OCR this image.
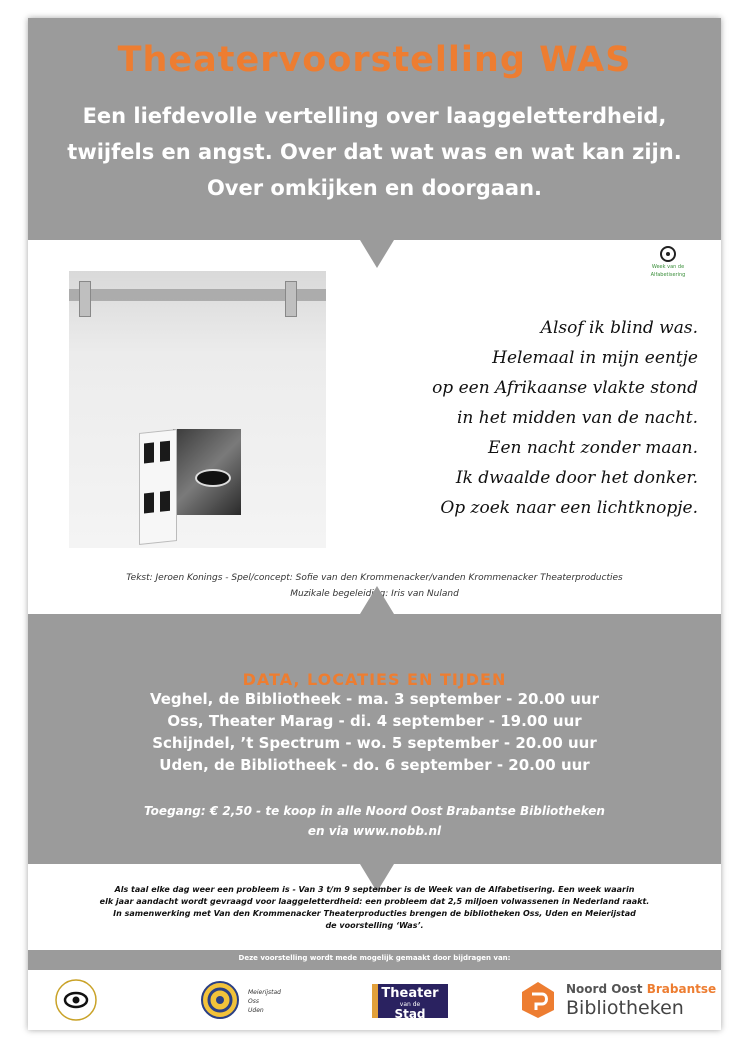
Theatervoorstelling WAS
Een liefdevolle vertelling over laaggeletterdheid,
twijfels en angst. Over dat wat was en wat kan zijn.
Over omkijken en doorgaan.
Week van de
Alfabetisering
Alsof ik blind was.
Helemaal in mijn eentje
op een Afrikaanse vlakte stond
in het midden van de nacht.
Een nacht zonder maan.
Ik dwaalde door het donker.
Op zoek naar een lichtknopje.
Tekst: Jeroen Konings - Spel/concept: Sofie van den Krommenacker/vanden Krommenacker Theaterproducties
Muzikale begeleiding: Iris van Nuland
DATA, LOCATIES EN TIJDEN
Veghel, de Bibliotheek - ma. 3 september - 20.00 uur
Oss, Theater Marag - di. 4 september - 19.00 uur
Schijndel, ’t Spectrum - wo. 5 september - 20.00 uur
Uden, de Bibliotheek - do. 6 september - 20.00 uur
Toegang: € 2,50 - te koop in alle Noord Oost Brabantse Bibliotheken
en via www.nobb.nl
Als taal elke dag weer een probleem is - Van 3 t/m 9 september is de Week van de Alfabetisering. Een week waarin
elk jaar aandacht wordt gevraagd voor laaggeletterdheid: een probleem dat 2,5 miljoen volwassenen in Nederland raakt.
In samenwerking met Van den Krommenacker Theaterproducties brengen de bibliotheken Oss, Uden en Meierijstad
de voorstelling ‘Was’.
Deze voorstelling wordt mede mogelijk gemaakt door bijdragen van:
Meierijstad
Oss
Uden
Theater
van de
Stad
Noord Oost Brabantse
Bibliotheken
